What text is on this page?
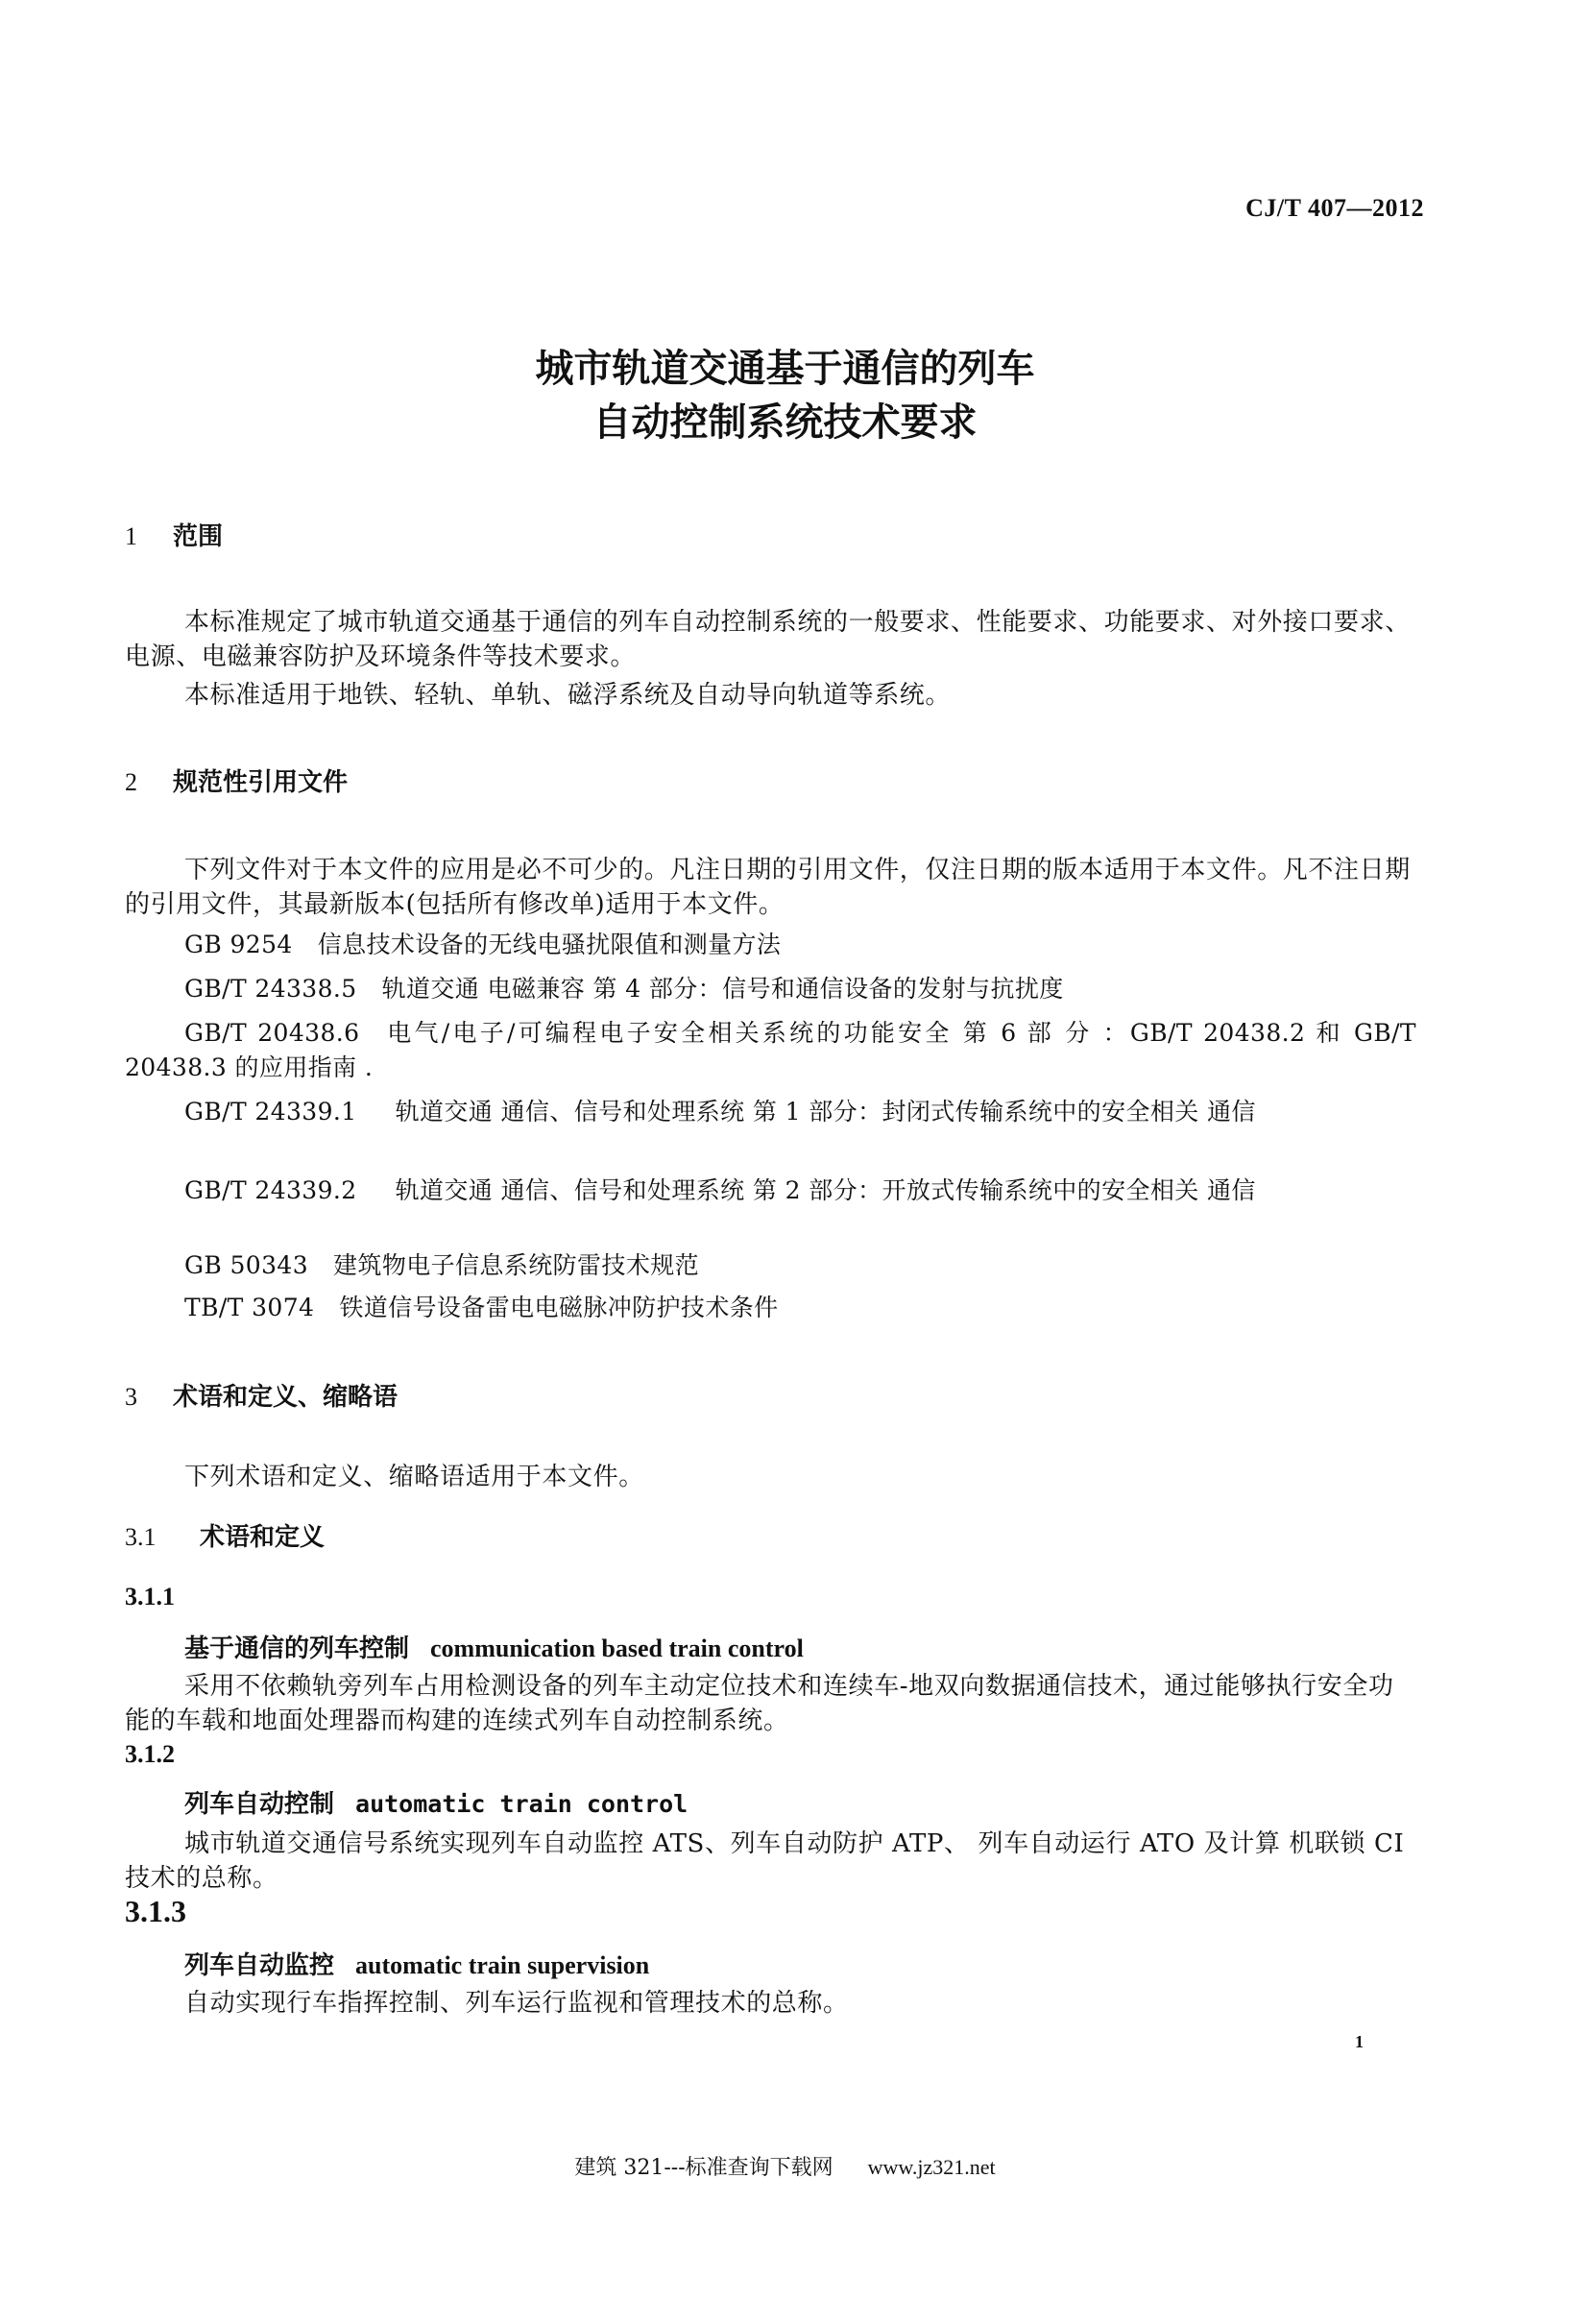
CJ/T 407—2012
城市轨道交通基于通信的列车
自动控制系统技术要求
1 范围
本标准规定了城市轨道交通基于通信的列车自动控制系统的一般要求、性能要求、功能要求、对外接口要求、电源、电磁兼容防护及环境条件等技术要求。
本标准适用于地铁、轻轨、单轨、磁浮系统及自动导向轨道等系统。
2 规范性引用文件
下列文件对于本文件的应用是必不可少的。凡注日期的引用文件，仅注日期的版本适用于本文件。凡不注日期的引用文件，其最新版本(包括所有修改单)适用于本文件。
GB 9254 信息技术设备的无线电骚扰限值和测量方法
GB/T 24338.5 轨道交通 电磁兼容 第 4 部分：信号和通信设备的发射与抗扰度
GB/T 20438.6 电气/电子/可编程电子安全相关系统的功能安全 第 6 部 分 ：GB/T 20438.2 和 GB/T 20438.3 的应用指南 .
GB/T 24339.1 轨道交通 通信、信号和处理系统 第 1 部分：封闭式传输系统中的安全相关 通信
GB/T 24339.2 轨道交通 通信、信号和处理系统 第 2 部分：开放式传输系统中的安全相关 通信
GB 50343 建筑物电子信息系统防雷技术规范
TB/T 3074 铁道信号设备雷电电磁脉冲防护技术条件
3 术语和定义、缩略语
下列术语和定义、缩略语适用于本文件。
3.1 术语和定义
3.1.1
基于通信的列车控制 communication based train control
采用不依赖轨旁列车占用检测设备的列车主动定位技术和连续车-地双向数据通信技术，通过能够执行安全功能的车载和地面处理器而构建的连续式列车自动控制系统。
3.1.2
列车自动控制 automatic train control
城市轨道交通信号系统实现列车自动监控 ATS、列车自动防护 ATP、 列车自动运行 ATO 及计算 机联锁 CI 技术的总称。
3.1.3
列车自动监控 automatic train supervision
自动实现行车指挥控制、列车运行监视和管理技术的总称。
1
建筑 321---标准查询下载网 www.jz321.net
